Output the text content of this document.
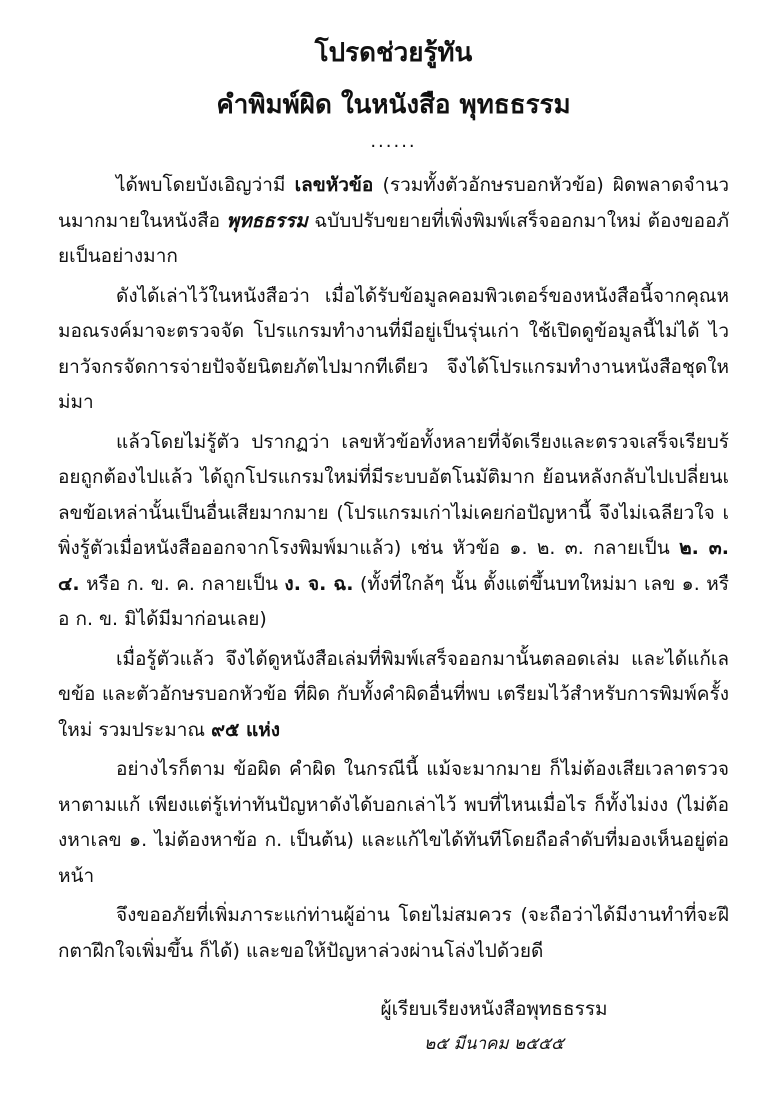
โปรดช่วยรู้ทัน
คำพิมพ์ผิด ในหนังสือ พุทธธรรม
......

ได้พบโดยบังเอิญว่ามี เลขหัวข้อ (รวมทั้งตัวอักษรบอกหัวข้อ) ผิดพลาดจำนวนมากมายในหนังสือ พุทธธรรม ฉบับปรับขยายที่เพิ่งพิมพ์เสร็จออกมาใหม่ ต้องขออภัยเป็นอย่างมาก

ดังได้เล่าไว้ในหนังสือว่า เมื่อได้รับข้อมูลคอมพิวเตอร์ของหนังสือนี้จากคุณหมอณรงค์มาจะตรวจจัด โปรแกรมทำงานที่มีอยู่เป็นรุ่นเก่า ใช้เปิดดูข้อมูลนี้ไม่ได้ ไวยาวัจกรจัดการจ่ายปัจจัยนิตยภัตไปมากทีเดียว จึงได้โปรแกรมทำงานหนังสือชุดใหม่มา

แล้วโดยไม่รู้ตัว ปรากฏว่า เลขหัวข้อทั้งหลายที่จัดเรียงและตรวจเสร็จเรียบร้อยถูกต้องไปแล้ว ได้ถูกโปรแกรมใหม่ที่มีระบบอัตโนมัติมาก ย้อนหลังกลับไปเปลี่ยนเลขข้อเหล่านั้นเป็นอื่นเสียมากมาย (โปรแกรมเก่าไม่เคยก่อปัญหานี้ จึงไม่เฉลียวใจ เพิ่งรู้ตัวเมื่อหนังสือออกจากโรงพิมพ์มาแล้ว) เช่น หัวข้อ ๑. ๒. ๓. กลายเป็น ๒. ๓. ๔. หรือ ก. ข. ค. กลายเป็น ง. จ. ฉ. (ทั้งที่ใกล้ๆ นั้น ตั้งแต่ขึ้นบทใหม่มา เลข ๑. หรือ ก. ข. มิได้มีมาก่อนเลย)

เมื่อรู้ตัวแล้ว จึงได้ดูหนังสือเล่มที่พิมพ์เสร็จออกมานั้นตลอดเล่ม และได้แก้เลขข้อ และตัวอักษรบอกหัวข้อ ที่ผิด กับทั้งคำผิดอื่นที่พบ เตรียมไว้สำหรับการพิมพ์ครั้งใหม่ รวมประมาณ ๙๕ แห่ง

อย่างไรก็ตาม ข้อผิด คำผิด ในกรณีนี้ แม้จะมากมาย ก็ไม่ต้องเสียเวลาตรวจหาตามแก้ เพียงแต่รู้เท่าทันปัญหาดังได้บอกเล่าไว้ พบที่ไหนเมื่อไร ก็ทั้งไม่งง (ไม่ต้องหาเลข ๑. ไม่ต้องหาข้อ ก. เป็นต้น) และแก้ไขได้ทันทีโดยถือลำดับที่มองเห็นอยู่ต่อหน้า

จึงขออภัยที่เพิ่มภาระแก่ท่านผู้อ่าน โดยไม่สมควร (จะถือว่าได้มีงานทำที่จะฝึกตาฝึกใจเพิ่มขึ้น ก็ได้) และขอให้ปัญหาล่วงผ่านโล่งไปด้วยดี

ผู้เรียบเรียงหนังสือพุทธธรรม

๒๕ มีนาคม ๒๕๕๕
